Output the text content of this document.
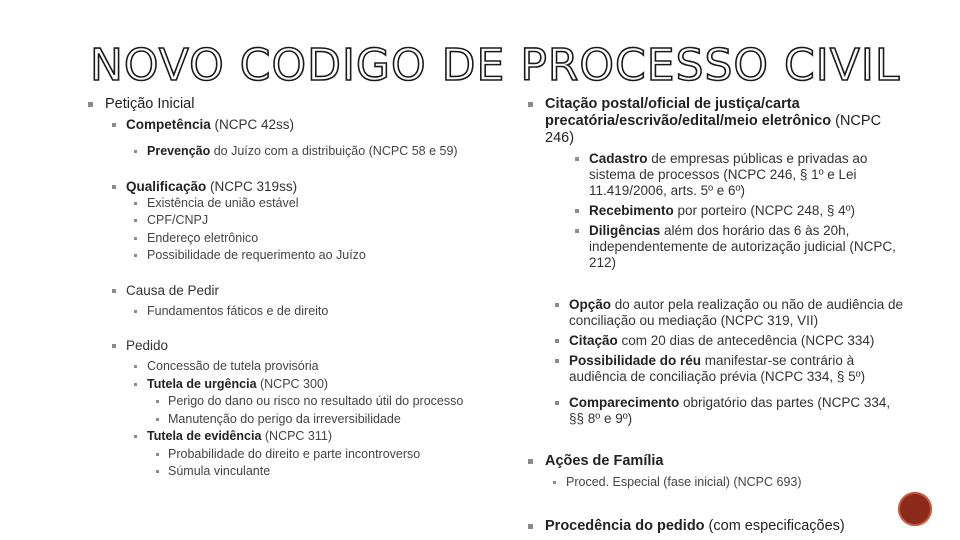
NOVO CODIGO DE PROCESSO CIVIL
Petição Inicial
Competência (NCPC 42ss)
Prevenção do Juízo com a distribuição (NCPC 58 e 59)
Qualificação (NCPC 319ss)
Existência de união estável
CPF/CNPJ
Endereço eletrônico
Possibilidade de requerimento ao Juízo
Causa de Pedir
Fundamentos fáticos e de direito
Pedido
Concessão de tutela provisória
Tutela de urgência (NCPC 300)
Perigo do dano ou risco no resultado útil do processo
Manutenção do perigo da irreversibilidade
Tutela de evidência (NCPC 311)
Probabilidade do direito e parte incontroverso
Súmula vinculante
Citação postal/oficial de justiça/carta precatória/escrivão/edital/meio eletrônico (NCPC 246)
Cadastro de empresas públicas e privadas ao sistema de processos (NCPC 246, § 1º e Lei 11.419/2006, arts. 5º e 6º)
Recebimento por porteiro (NCPC 248, § 4º)
Diligências além dos horário das 6 às 20h, independentemente de autorização judicial (NCPC, 212)
Opção do autor pela realização ou não de audiência de conciliação ou mediação (NCPC 319, VII)
Citação com 20 dias de antecedência (NCPC 334)
Possibilidade do réu manifestar-se contrário à audiência de conciliação prévia (NCPC 334, § 5º)
Comparecimento obrigatório das partes (NCPC 334, §§ 8º e 9º)
Ações de Família
Proced. Especial (fase inicial) (NCPC 693)
Procedência do pedido (com especificações)
